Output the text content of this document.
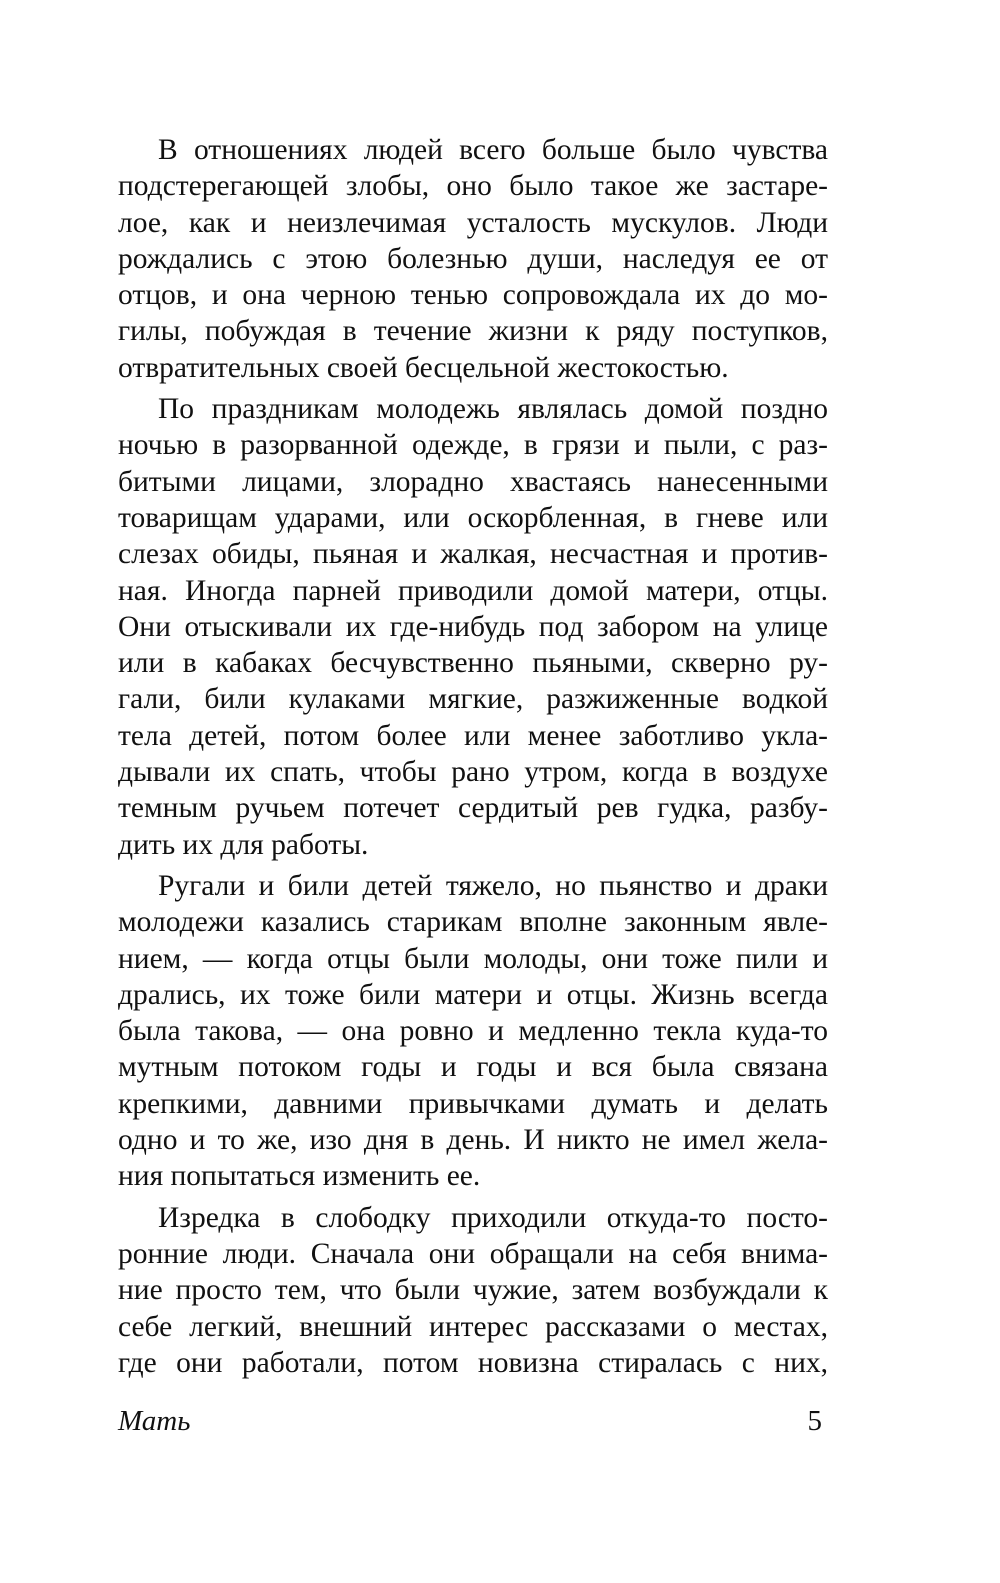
В отношениях людей всего больше было чувства
подстерегающей злобы, оно было такое же застаре-
лое, как и неизлечимая усталость мускулов. Люди
рождались с этою болезнью души, наследуя ее от
отцов, и она черною тенью сопровождала их до мо-
гилы, побуждая в течение жизни к ряду поступков,
отвратительных своей бесцельной жестокостью.
По праздникам молодежь являлась домой поздно
ночью в разорванной одежде, в грязи и пыли, с раз-
битыми лицами, злорадно хвастаясь нанесенными
товарищам ударами, или оскорбленная, в гневе или
слезах обиды, пьяная и жалкая, несчастная и против-
ная. Иногда парней приводили домой матери, отцы.
Они отыскивали их где-нибудь под забором на улице
или в кабаках бесчувственно пьяными, скверно ру-
гали, били кулаками мягкие, разжиженные водкой
тела детей, потом более или менее заботливо укла-
дывали их спать, чтобы рано утром, когда в воздухе
темным ручьем потечет сердитый рев гудка, разбу-
дить их для работы.
Ругали и били детей тяжело, но пьянство и драки
молодежи казались старикам вполне законным явле-
нием, — когда отцы были молоды, они тоже пили и
дрались, их тоже били матери и отцы. Жизнь всегда
была такова, — она ровно и медленно текла куда-то
мутным потоком годы и годы и вся была связана
крепкими, давними привычками думать и делать
одно и то же, изо дня в день. И никто не имел жела-
ния попытаться изменить ее.
Изредка в слободку приходили откуда-то посто-
ронние люди. Сначала они обращали на себя внима-
ние просто тем, что были чужие, затем возбуждали к
себе легкий, внешний интерес рассказами о местах,
где они работали, потом новизна стиралась с них,
Мать	5
